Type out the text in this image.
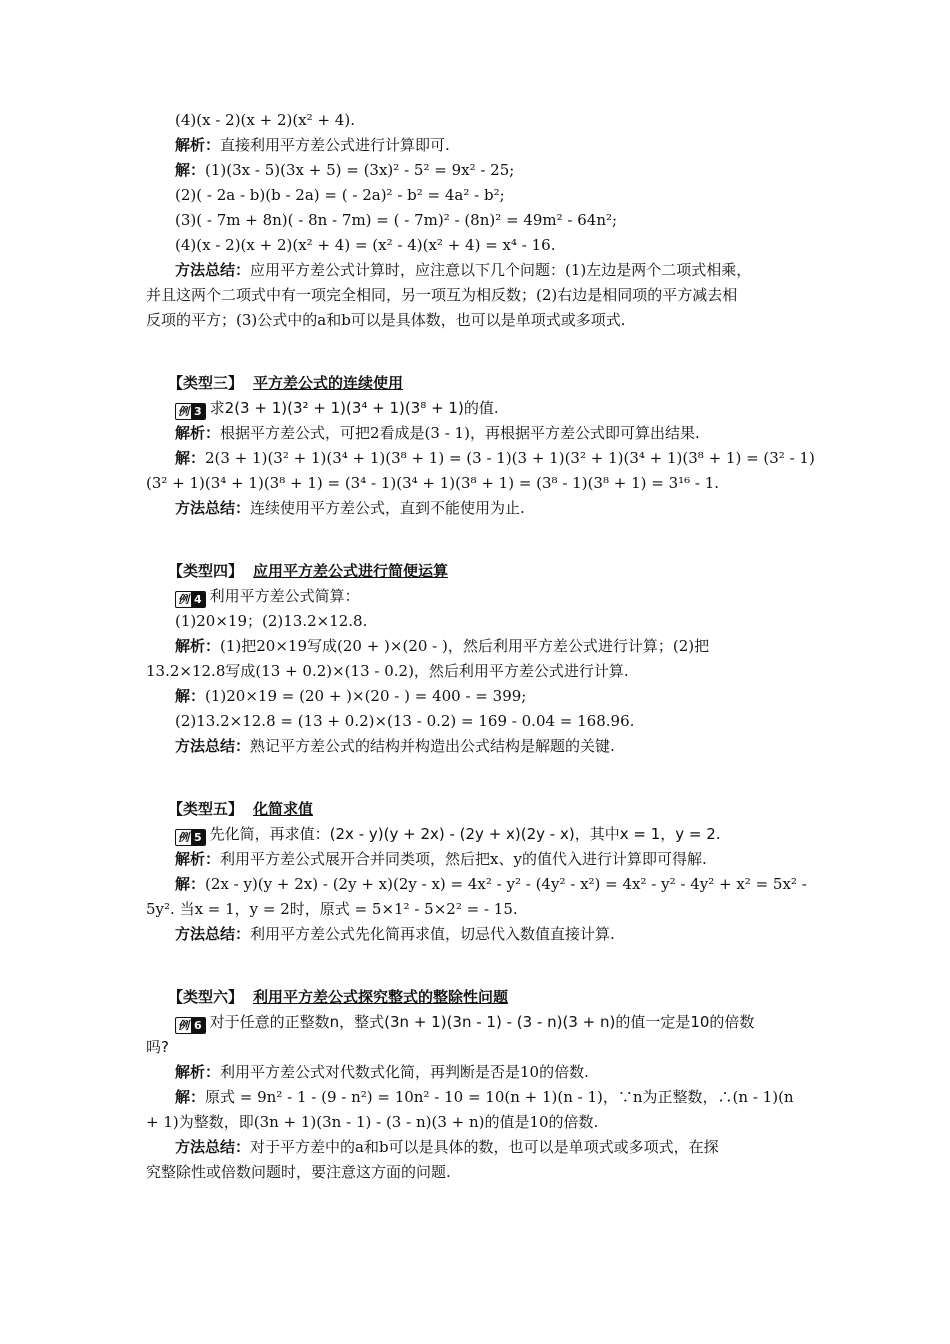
(4)(x - 2)(x + 2)(x² + 4).
解析：直接利用平方差公式进行计算即可.
解：(1)(3x - 5)(3x + 5) = (3x)² - 5² = 9x² - 25;
(2)( - 2a - b)(b - 2a) = ( - 2a)² - b² = 4a² - b²;
(3)( - 7m + 8n)( - 8n - 7m) = ( - 7m)² - (8n)² = 49m² - 64n²;
(4)(x - 2)(x + 2)(x² + 4) = (x² - 4)(x² + 4) = x⁴ - 16.
方法总结：应用平方差公式计算时，应注意以下几个问题：(1)左边是两个二项式相乘，
并且这两个二项式中有一项完全相同，另一项互为相反数；(2)右边是相同项的平方减去相
反项的平方；(3)公式中的a和b可以是具体数，也可以是单项式或多项式.
【类型三】 平方差公式的连续使用
例 3 求2(3 + 1)(3² + 1)(3⁴ + 1)(3⁸ + 1)的值.
解析：根据平方差公式，可把2看成是(3 - 1)，再根据平方差公式即可算出结果.
解：2(3 + 1)(3² + 1)(3⁴ + 1)(3⁸ + 1) = (3 - 1)(3 + 1)(3² + 1)(3⁴ + 1)(3⁸ + 1) = (3² - 1)
(3² + 1)(3⁴ + 1)(3⁸ + 1) = (3⁴ - 1)(3⁴ + 1)(3⁸ + 1) = (3⁸ - 1)(3⁸ + 1) = 3¹⁶ - 1.
方法总结：连续使用平方差公式，直到不能使用为止.
【类型四】 应用平方差公式进行简便运算
例 4 利用平方差公式简算：
(1)20×19；(2)13.2×12.8.
解析：(1)把20×19写成(20 + )×(20 - )，然后利用平方差公式进行计算；(2)把
13.2×12.8写成(13 + 0.2)×(13 - 0.2)，然后利用平方差公式进行计算.
解：(1)20×19 = (20 + )×(20 - ) = 400 - = 399;
(2)13.2×12.8 = (13 + 0.2)×(13 - 0.2) = 169 - 0.04 = 168.96.
方法总结：熟记平方差公式的结构并构造出公式结构是解题的关键.
【类型五】 化简求值
例 5 先化简，再求值：(2x - y)(y + 2x) - (2y + x)(2y - x)，其中x = 1，y = 2.
解析：利用平方差公式展开合并同类项，然后把x、y的值代入进行计算即可得解.
解：(2x - y)(y + 2x) - (2y + x)(2y - x) = 4x² - y² - (4y² - x²) = 4x² - y² - 4y² + x² = 5x² -
5y². 当x = 1，y = 2时，原式 = 5×1² - 5×2² = - 15.
方法总结：利用平方差公式先化简再求值，切忌代入数值直接计算.
【类型六】 利用平方差公式探究整式的整除性问题
例 6 对于任意的正整数n，整式(3n + 1)(3n - 1) - (3 - n)(3 + n)的值一定是10的倍数
吗?
解析：利用平方差公式对代数式化简，再判断是否是10的倍数.
解：原式 = 9n² - 1 - (9 - n²) = 10n² - 10 = 10(n + 1)(n - 1)，∵n为正整数，∴(n - 1)(n
+ 1)为整数，即(3n + 1)(3n - 1) - (3 - n)(3 + n)的值是10的倍数.
方法总结：对于平方差中的a和b可以是具体的数，也可以是单项式或多项式，在探
究整除性或倍数问题时，要注意这方面的问题.
